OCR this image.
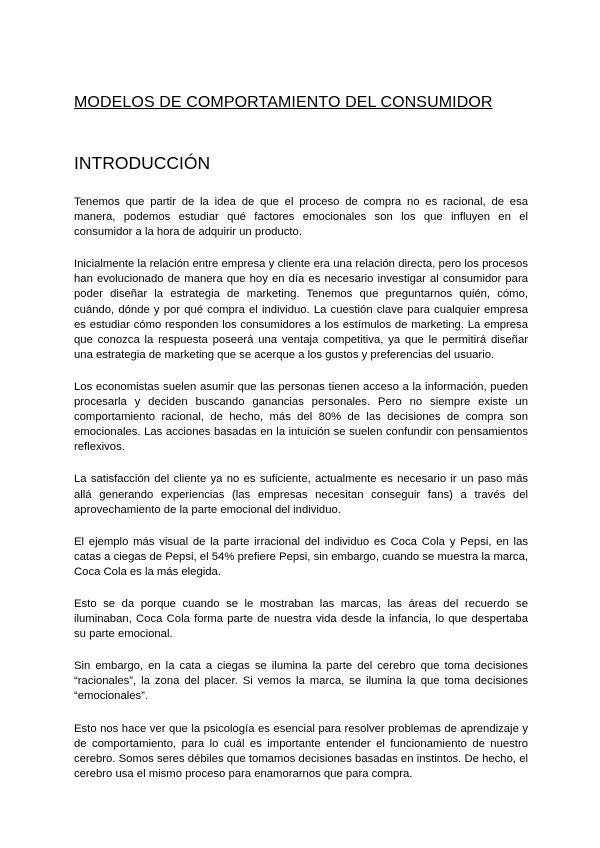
MODELOS DE COMPORTAMIENTO DEL CONSUMIDOR
INTRODUCCIÓN

Tenemos que partir de la idea de que el proceso de compra no es racional, de esa manera, podemos estudiar qué factores emocionales son los que influyen en el consumidor a la hora de adquirir un producto.

Inicialmente la relación entre empresa y cliente era una relación directa, pero los procesos han evolucionado de manera que hoy en día es necesario investigar al consumidor para poder diseñar la estrategia de marketing. Tenemos que preguntarnos quién, cómo, cuándo, dónde y por qué compra el individuo. La cuestión clave para cualquier empresa es estudiar cómo responden los consumidores a los estímulos de marketing. La empresa que conozca la respuesta poseerá una ventaja competitiva, ya que le permitirá diseñar una estrategia de marketing que se acerque a los gustos y preferencias del usuario.

Los economistas suelen asumir que las personas tienen acceso a la información, pueden procesarla y deciden buscando ganancias personales. Pero no siempre existe un comportamiento racional, de hecho, más del 80% de las decisiones de compra son emocionales. Las acciones basadas en la intuición se suelen confundir con pensamientos reflexivos.

La satisfacción del cliente ya no es suficiente, actualmente es necesario ir un paso más allá generando experiencias (las empresas necesitan conseguir fans) a través del aprovechamiento de la parte emocional del individuo.

El ejemplo más visual de la parte irracional del individuo es Coca Cola y Pepsi, en las catas a ciegas de Pepsi, el 54% prefiere Pepsi, sin embargo, cuando se muestra la marca, Coca Cola es la más elegida.

Esto se da porque cuando se le mostraban las marcas, las áreas del recuerdo se iluminaban, Coca Cola forma parte de nuestra vida desde la infancia, lo que despertaba su parte emocional.

Sin embargo, en la cata a ciegas se ilumina la parte del cerebro que toma decisiones “racionales”, la zona del placer. Si vemos la marca, se ilumina la que toma decisiones “emocionales”.

Esto nos hace ver que la psicología es esencial para resolver problemas de aprendizaje y de comportamiento, para lo cuál es importante entender el funcionamiento de nuestro cerebro. Somos seres débiles que tomamos decisiones basadas en instintos. De hecho, el cerebro usa el mismo proceso para enamorarnos que para compra.
